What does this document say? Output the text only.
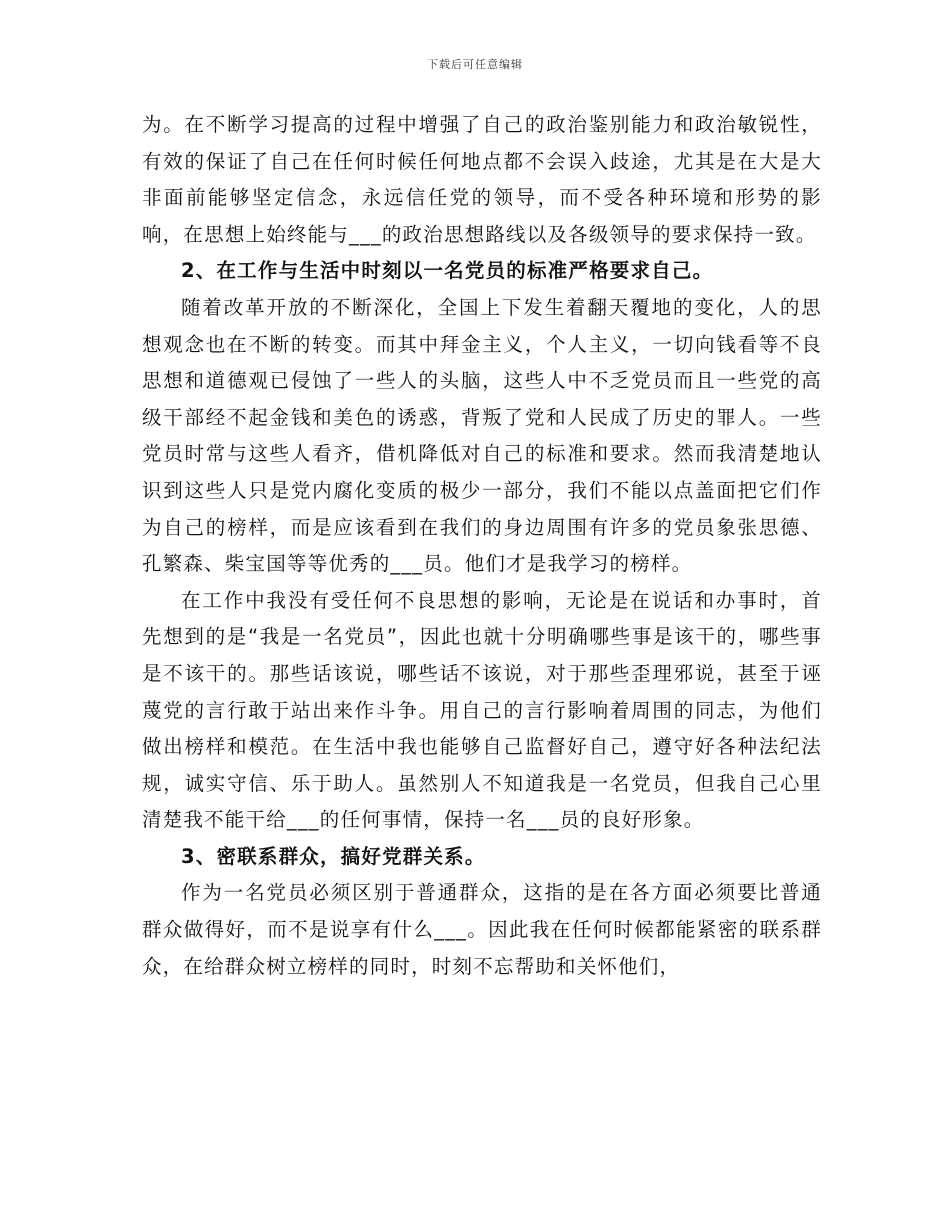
下载后可任意编辑

为。在不断学习提高的过程中增强了自己的政治鉴别能力和政治敏锐性，有效的保证了自己在任何时候任何地点都不会误入歧途，尤其是在大是大非面前能够坚定信念，永远信任党的领导，而不受各种环境和形势的影响，在思想上始终能与___的政治思想路线以及各级领导的要求保持一致。

2、在工作与生活中时刻以一名党员的标准严格要求自己。

随着改革开放的不断深化，全国上下发生着翻天覆地的变化，人的思想观念也在不断的转变。而其中拜金主义，个人主义，一切向钱看等不良思想和道德观已侵蚀了一些人的头脑，这些人中不乏党员而且一些党的高级干部经不起金钱和美色的诱惑，背叛了党和人民成了历史的罪人。一些党员时常与这些人看齐，借机降低对自己的标准和要求。然而我清楚地认识到这些人只是党内腐化变质的极少一部分，我们不能以点盖面把它们作为自己的榜样，而是应该看到在我们的身边周围有许多的党员象张思德、孔繁森、柴宝国等等优秀的___员。他们才是我学习的榜样。

在工作中我没有受任何不良思想的影响，无论是在说话和办事时，首先想到的是“我是一名党员”，因此也就十分明确哪些事是该干的，哪些事是不该干的。那些话该说，哪些话不该说，对于那些歪理邪说，甚至于诬蔑党的言行敢于站出来作斗争。用自己的言行影响着周围的同志，为他们做出榜样和模范。在生活中我也能够自己监督好自己，遵守好各种法纪法规，诚实守信、乐于助人。虽然别人不知道我是一名党员，但我自己心里清楚我不能干给___的任何事情，保持一名___员的良好形象。

3、密联系群众，搞好党群关系。

作为一名党员必须区别于普通群众，这指的是在各方面必须要比普通群众做得好，而不是说享有什么___。因此我在任何时候都能紧密的联系群众，在给群众树立榜样的同时，时刻不忘帮助和关怀他们，
